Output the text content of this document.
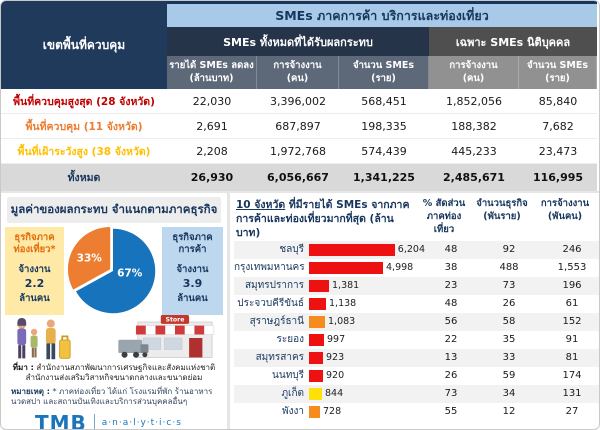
เขตพื้นที่ควบคุม
SMEs ภาคการค้า บริการและท่องเที่ยว
SMEs ทั้งหมดที่ได้รับผลกระทบ	เฉพาะ SMEs นิติบุคคล
รายได้ SMEs ลดลง
(ล้านบาท)
การจ้างงาน
(คน)
จำนวน SMEs
(ราย)
การจ้างงาน
(คน)
จำนวน SMEs
(ราย)
พื้นที่ควบคุมสูงสุด (28 จังหวัด)	22,030	3,396,002	568,451	1,852,056	85,840
พื้นที่ควบคุม (11 จังหวัด)	2,691	687,897	198,335	188,382	7,682
พื้นที่เฝ้าระวังสูง (38 จังหวัด)	2,208	1,972,768	574,439	445,233	23,473
ทั้งหมด	26,930	6,056,667	1,341,225	2,485,671	116,995
มูลค่าของผลกระทบ จำแนกตามภาคธุรกิจ
ธุรกิจภาค
ท่องเที่ยว*
จ้างงาน
2.2
ล้านคน
33%
67%
ธุรกิจภาค
การค้า
จ้างงาน
3.9
ล้านคน
Store
ที่มา : สำนักงานสภาพัฒนาการเศรษฐกิจและสังคมแห่งชาติ
สำนักงานส่งเสริมวิสาหกิจขนาดกลางและขนาดย่อม
หมายเหตุ : * ภาคท่องเที่ยว ได้แก่ โรงแรมที่พัก ร้านอาหาร นวดสปา และสถานบันเทิงและบริการส่วนบุคคลอื่นๆ
TMB a·n·a·l·y·t·i·c·s
10 จังหวัด ที่มีรายได้ SMEs จากภาคการค้าและท่องเที่ยวมากที่สุด (ล้านบาท)
% สัดส่วน
ภาคท่องเที่ยว
จำนวนธุรกิจ
(พันราย)
การจ้างงาน
(พันคน)
ชลบุรี	6,204	48	92	246
กรุงเทพมหานคร	4,998	38	488	1,553
สมุทรปราการ	1,381	23	73	196
ประจวบคีรีขันธ์	1,138	48	26	61
สุราษฎร์ธานี	1,083	56	58	152
ระยอง	997	22	35	91
สมุทรสาคร	923	13	33	81
นนทบุรี	920	26	59	174
ภูเก็ต	844	73	34	131
พังงา	728	55	12	27
